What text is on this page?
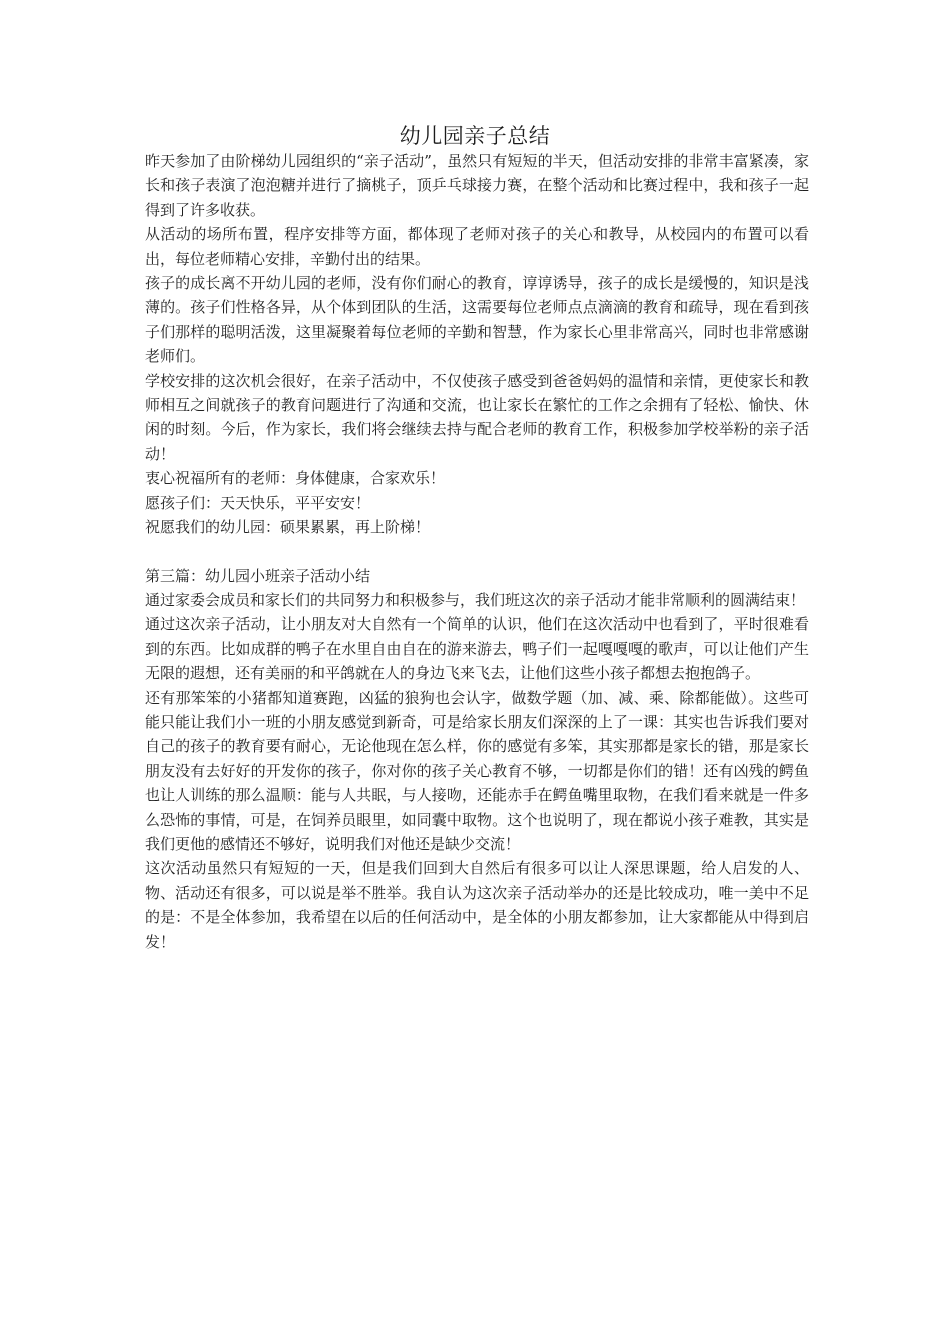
幼儿园亲子总结

昨天参加了由阶梯幼儿园组织的“亲子活动”，虽然只有短短的半天，但活动安排的非常丰富紧凑，家长和孩子表演了泡泡糖并进行了摘桃子，顶乒乓球接力赛，在整个活动和比赛过程中，我和孩子一起得到了许多收获。

从活动的场所布置，程序安排等方面，都体现了老师对孩子的关心和教导，从校园内的布置可以看出，每位老师精心安排，辛勤付出的结果。

孩子的成长离不开幼儿园的老师，没有你们耐心的教育，谆谆诱导，孩子的成长是缓慢的，知识是浅薄的。孩子们性格各异，从个体到团队的生活，这需要每位老师点点滴滴的教育和疏导，现在看到孩子们那样的聪明活泼，这里凝聚着每位老师的辛勤和智慧，作为家长心里非常高兴，同时也非常感谢老师们。

学校安排的这次机会很好，在亲子活动中，不仅使孩子感受到爸爸妈妈的温情和亲情，更使家长和教师相互之间就孩子的教育问题进行了沟通和交流，也让家长在繁忙的工作之余拥有了轻松、愉快、休闲的时刻。今后，作为家长，我们将会继续去持与配合老师的教育工作，积极参加学校举粉的亲子活动！

衷心祝福所有的老师：身体健康，合家欢乐！

愿孩子们：天天快乐，平平安安！

祝愿我们的幼儿园：硕果累累，再上阶梯！

第三篇：幼儿园小班亲子活动小结

通过家委会成员和家长们的共同努力和积极参与，我们班这次的亲子活动才能非常顺利的圆满结束！

通过这次亲子活动，让小朋友对大自然有一个简单的认识，他们在这次活动中也看到了，平时很难看到的东西。比如成群的鸭子在水里自由自在的游来游去，鸭子们一起嘎嘎嘎的歌声，可以让他们产生无限的遐想，还有美丽的和平鸽就在人的身边飞来飞去，让他们这些小孩子都想去抱抱鸽子。

还有那笨笨的小猪都知道赛跑，凶猛的狼狗也会认字，做数学题（加、减、乘、除都能做）。这些可能只能让我们小一班的小朋友感觉到新奇，可是给家长朋友们深深的上了一课：其实也告诉我们要对自己的孩子的教育要有耐心，无论他现在怎么样，你的感觉有多笨，其实那都是家长的错，那是家长朋友没有去好好的开发你的孩子，你对你的孩子关心教育不够，一切都是你们的错！还有凶残的鳄鱼也让人训练的那么温顺：能与人共眠，与人接吻，还能赤手在鳄鱼嘴里取物，在我们看来就是一件多么恐怖的事情，可是，在饲养员眼里，如同囊中取物。这个也说明了，现在都说小孩子难教，其实是我们更他的感情还不够好，说明我们对他还是缺少交流！

这次活动虽然只有短短的一天，但是我们回到大自然后有很多可以让人深思课题，给人启发的人、物、活动还有很多，可以说是举不胜举。我自认为这次亲子活动举办的还是比较成功，唯一美中不足的是：不是全体参加，我希望在以后的任何活动中，是全体的小朋友都参加，让大家都能从中得到启发！
